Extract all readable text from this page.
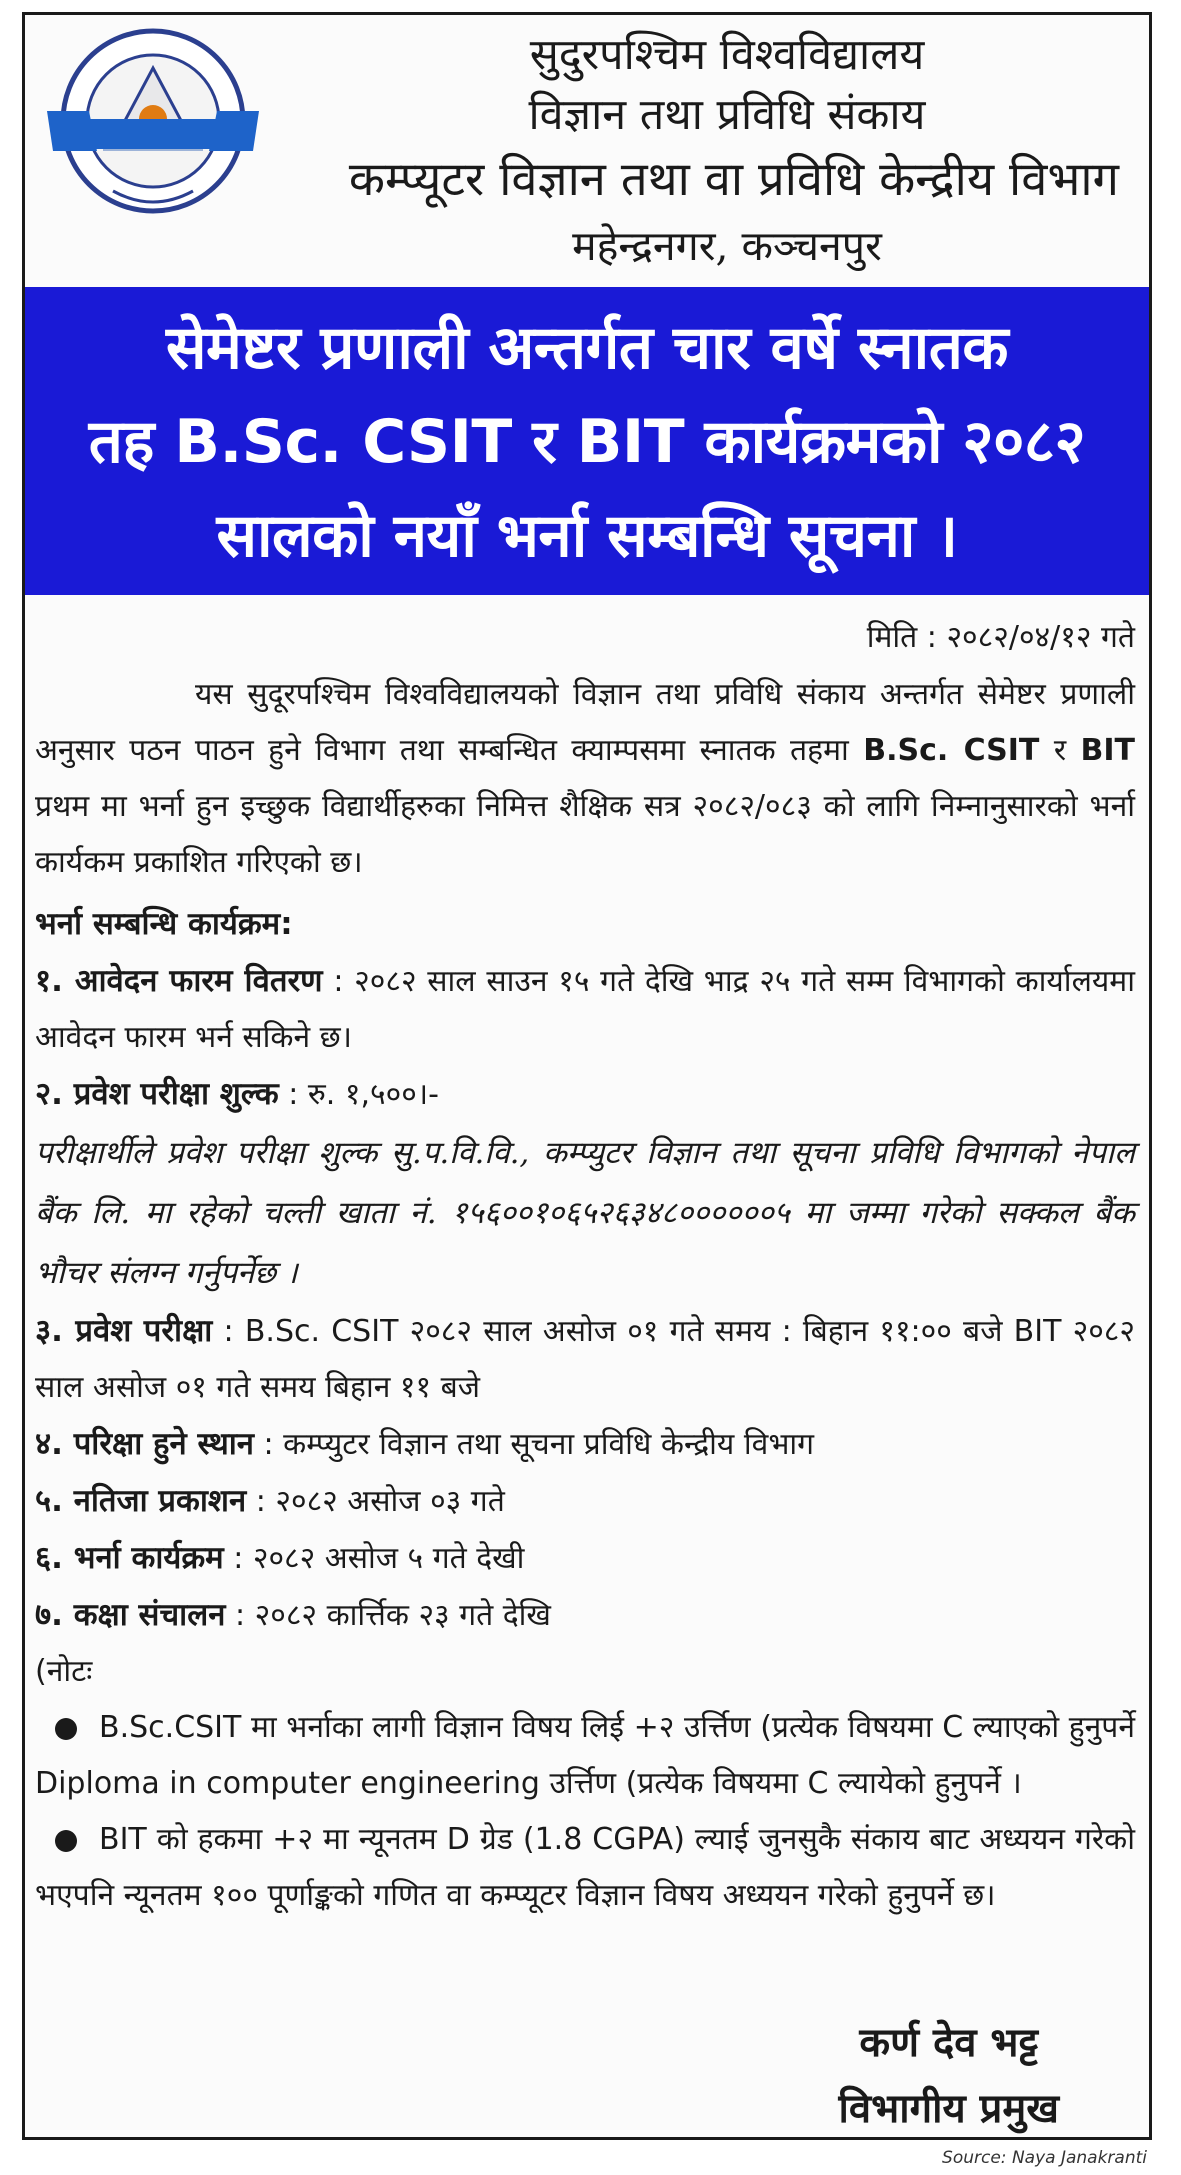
सुदुरपश्चिम विश्वविद्यालय
विज्ञान तथा प्रविधि संकाय
कम्प्यूटर विज्ञान तथा वा प्रविधि केन्द्रीय विभाग
महेन्द्रनगर, कञ्चनपुर
सेमेष्टर प्रणाली अन्तर्गत चार वर्षे स्नातक
तह B.Sc. CSIT र BIT कार्यक्रमको २०८२
सालको नयाँ भर्ना सम्बन्धि सूचना ।
मिति : २०८२/०४/१२ गते

यस सुदूरपश्चिम विश्वविद्यालयको विज्ञान तथा प्रविधि संकाय अन्तर्गत सेमेष्टर प्रणाली अनुसार पठन पाठन हुने विभाग तथा सम्बन्धित क्याम्पसमा स्नातक तहमा B.Sc. CSIT र BIT प्रथम मा भर्ना हुन इच्छुक विद्यार्थीहरुका निमित्त शैक्षिक सत्र २०८२/०८३ को लागि निम्नानुसारको भर्ना कार्यकम प्रकाशित गरिएको छ।

भर्ना सम्बन्धि कार्यक्रम:

१. आवेदन फारम वितरण : २०८२ साल साउन १५ गते देखि भाद्र २५ गते सम्म विभागको कार्यालयमा आवेदन फारम भर्न सकिने छ।

२. प्रवेश परीक्षा शुल्क : रु. १,५००।-

परीक्षार्थीले प्रवेश परीक्षा शुल्क सु.प.वि.वि., कम्प्युटर विज्ञान तथा सूचना प्रविधि विभागको नेपाल बैंक लि. मा रहेको चल्ती खाता नं. १५६००१०६५२६३४८००००००५ मा जम्मा गरेको सक्कल बैंक भौचर संलग्न गर्नुपर्नेछ ।

३. प्रवेश परीक्षा : B.Sc. CSIT २०८२ साल असोज ०१ गते समय : बिहान ११:०० बजे BIT २०८२ साल असोज ०१ गते समय बिहान ११ बजे

४. परिक्षा हुने स्थान : कम्प्युटर विज्ञान तथा सूचना प्रविधि केन्द्रीय विभाग

५. नतिजा प्रकाशन : २०८२ असोज ०३ गते

६. भर्ना कार्यक्रम : २०८२ असोज ५ गते देखी

७. कक्षा संचालन : २०८२ कार्त्तिक २३ गते देखि

(नोटः

B.Sc.CSIT मा भर्नाका लागी विज्ञान विषय लिई +२ उर्त्तिण (प्रत्येक विषयमा C ल्याएको हुनुपर्ने Diploma in computer engineering उर्त्तिण (प्रत्येक विषयमा C ल्यायेको हुनुपर्ने ।

BIT को हकमा +२ मा न्यूनतम D ग्रेड (1.8 CGPA) ल्याई जुनसुकै संकाय बाट अध्ययन गरेको भएपनि न्यूनतम १०० पूर्णाङ्कको गणित वा कम्प्यूटर विज्ञान विषय अध्ययन गरेको हुनुपर्ने छ।

कर्ण देव भट्ट
विभागीय प्रमुख
Source: Naya Janakranti
